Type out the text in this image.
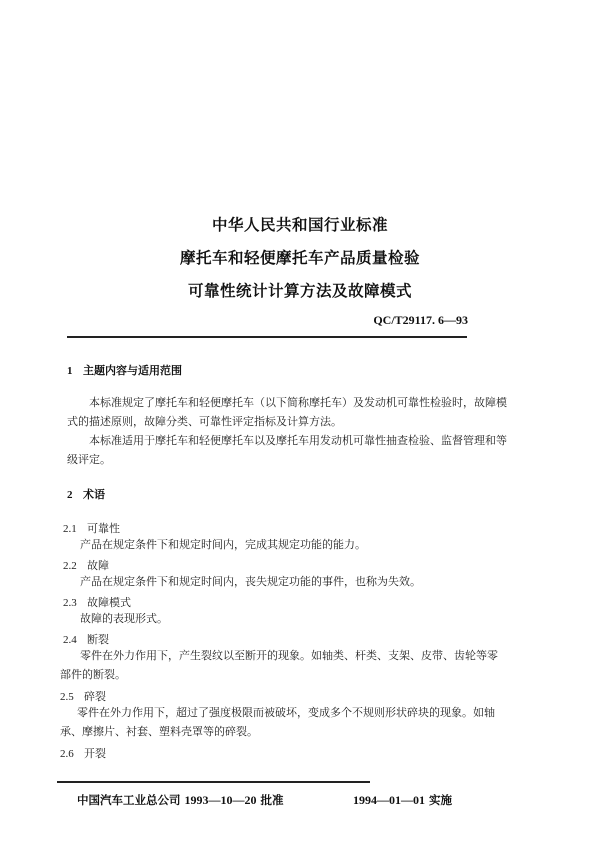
中华人民共和国行业标准
摩托车和轻便摩托车产品质量检验
可靠性统计计算方法及故障模式
QC/T29117. 6—93
1 主题内容与适用范围
本标准规定了摩托车和轻便摩托车（以下简称摩托车）及发动机可靠性检验时，故障模
式的描述原则，故障分类、可靠性评定指标及计算方法。
本标准适用于摩托车和轻便摩托车以及摩托车用发动机可靠性抽查检验、监督管理和等
级评定。
2 术语
2.1 可靠性
产品在规定条件下和规定时间内，完成其规定功能的能力。
2.2 故障
产品在规定条件下和规定时间内，丧失规定功能的事件，也称为失效。
2.3 故障模式
故障的表现形式。
2.4 断裂
零件在外力作用下，产生裂纹以至断开的现象。如轴类、杆类、支架、皮带、齿轮等零
部件的断裂。
2.5 碎裂
零件在外力作用下，超过了强度极限而被破坏，变成多个不规则形状碎块的现象。如轴
承、摩擦片、衬套、塑料壳罩等的碎裂。
2.6 开裂
中国汽车工业总公司 1993—10—20 批准	1994—01—01 实施
